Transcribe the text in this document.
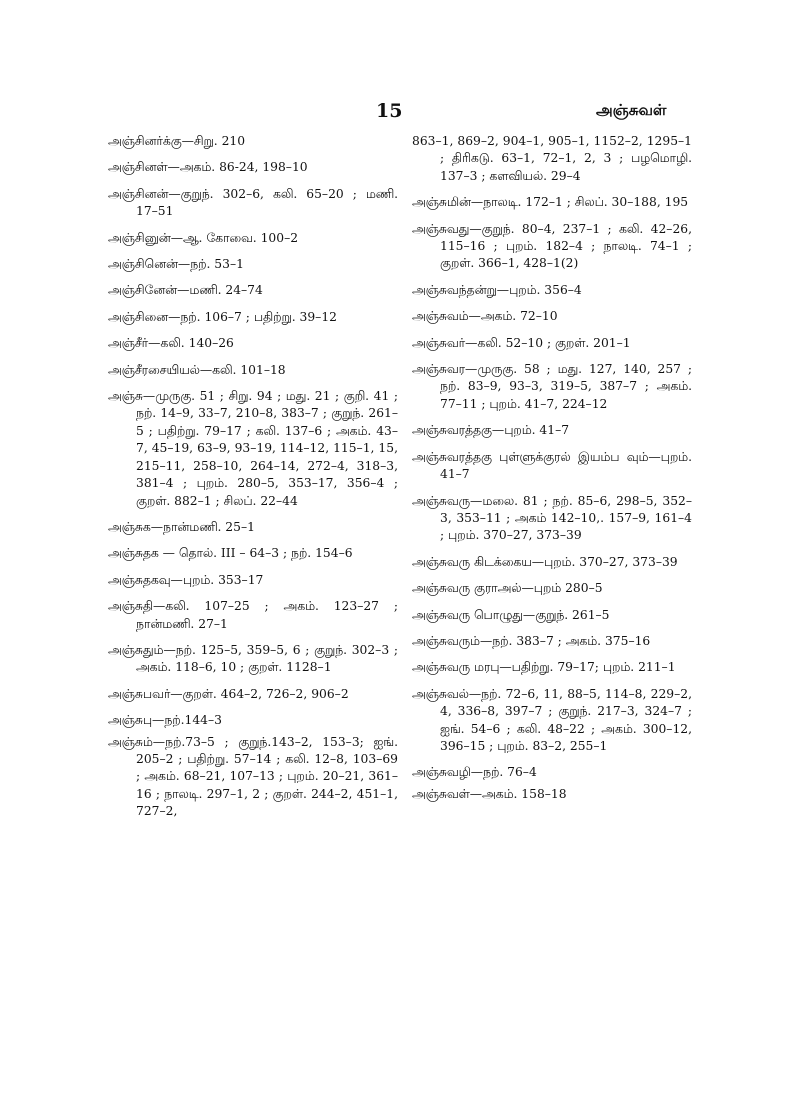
15	அஞ்சுவள்
அஞ்சினர்க்கு—சிறு. 210
அஞ்சினள்—அகம். 86-24, 198–10
அஞ்சினன்—குறுந். 302–6, கலி. 65–20 ; மணி. 17–51
அஞ்சினுன்—ஆ. கோவை. 100–2
அஞ்சினென்—நற். 53–1
அஞ்சினேன்—மணி. 24–74
அஞ்சினை—நற். 106–7 ; பதிற்று. 39–12
அஞ்சீர்—கலி. 140–26
அஞ்சீரசையியல்—கலி. 101–18
அஞ்சு—முருகு. 51 ; சிறு. 94 ; மது. 21 ; குறி. 41 ; நற். 14–9, 33–7, 210–8, 383–7 ; குறுந். 261–5 ; பதிற்று. 79–17 ; கலி. 137–6 ; அகம். 43–7, 45–19, 63–9, 93–19, 114–12, 115–1, 15, 215–11, 258–10, 264–14, 272–4, 318–3, 381–4 ; புறம். 280–5, 353–17, 356–4 ; குறள். 882–1 ; சிலப். 22–44
அஞ்சுக—நான்மணி. 25–1
அஞ்சுதக — தொல். III – 64–3 ; நற். 154–6
அஞ்சுதகவு—புறம். 353–17
அஞ்சுதி—கலி. 107–25 ; அகம். 123–27 ; நான்மணி. 27–1
அஞ்சுதும்—நற். 125–5, 359–5, 6 ; குறுந். 302–3 ; அகம். 118–6, 10 ; குறள். 1128–1
அஞ்சுபவர்—குறள். 464–2, 726–2, 906–2
அஞ்சுபு—நற்.144–3
அஞ்சும்—நற்.73–5 ; குறுந்.143–2, 153–3; ஐங். 205–2 ; பதிற்று. 57–14 ; கலி. 12–8, 103–69 ; அகம். 68–21, 107–13 ; புறம். 20–21, 361–16 ; நாலடி. 297–1, 2 ; குறள். 244–2, 451–1, 727–2,
863–1, 869–2, 904–1, 905–1, 1152–2, 1295–1 ; திரிகடு. 63–1, 72–1, 2, 3 ; பழமொழி. 137–3 ; களவியல். 29–4
அஞ்சுமின்—நாலடி. 172–1 ; சிலப். 30–188, 195
அஞ்சுவது—குறுந். 80–4, 237–1 ; கலி. 42–26, 115–16 ; புறம். 182–4 ; நாலடி. 74–1 ; குறள். 366–1, 428–1(2)
அஞ்சுவந்தன்று—புறம். 356–4
அஞ்சுவம்—அகம். 72–10
அஞ்சுவர்—கலி. 52–10 ; குறள். 201–1
அஞ்சுவர—முருகு. 58 ; மது. 127, 140, 257 ; நற். 83–9, 93–3, 319–5, 387–7 ; அகம். 77–11 ; புறம். 41–7, 224–12
அஞ்சுவரத்தகு—புறம். 41–7
அஞ்சுவரத்தகு புள்ளுக்குரல் இயம்ப வும்—புறம். 41–7
அஞ்சுவரு—மலை. 81 ; நற். 85–6, 298–5, 352–3, 353–11 ; அகம் 142–10,. 157–9, 161–4 ; புறம். 370–27, 373–39
அஞ்சுவரு கிடக்கைய—புறம். 370–27, 373–39
அஞ்சுவரு குராஅல்—புறம் 280–5
அஞ்சுவரு பொழுது—குறுந். 261–5
அஞ்சுவரும்—நற். 383–7 ; அகம். 375–16
அஞ்சுவரு மரபு—பதிற்று. 79–17; புறம். 211–1
அஞ்சுவல்—நற். 72–6, 11, 88–5, 114–8, 229–2, 4, 336–8, 397–7 ; குறுந். 217–3, 324–7 ; ஐங். 54–6 ; கலி. 48–22 ; அகம். 300–12, 396–15 ; புறம். 83–2, 255–1
அஞ்சுவழி—நற். 76–4
அஞ்சுவள்—அகம். 158–18
